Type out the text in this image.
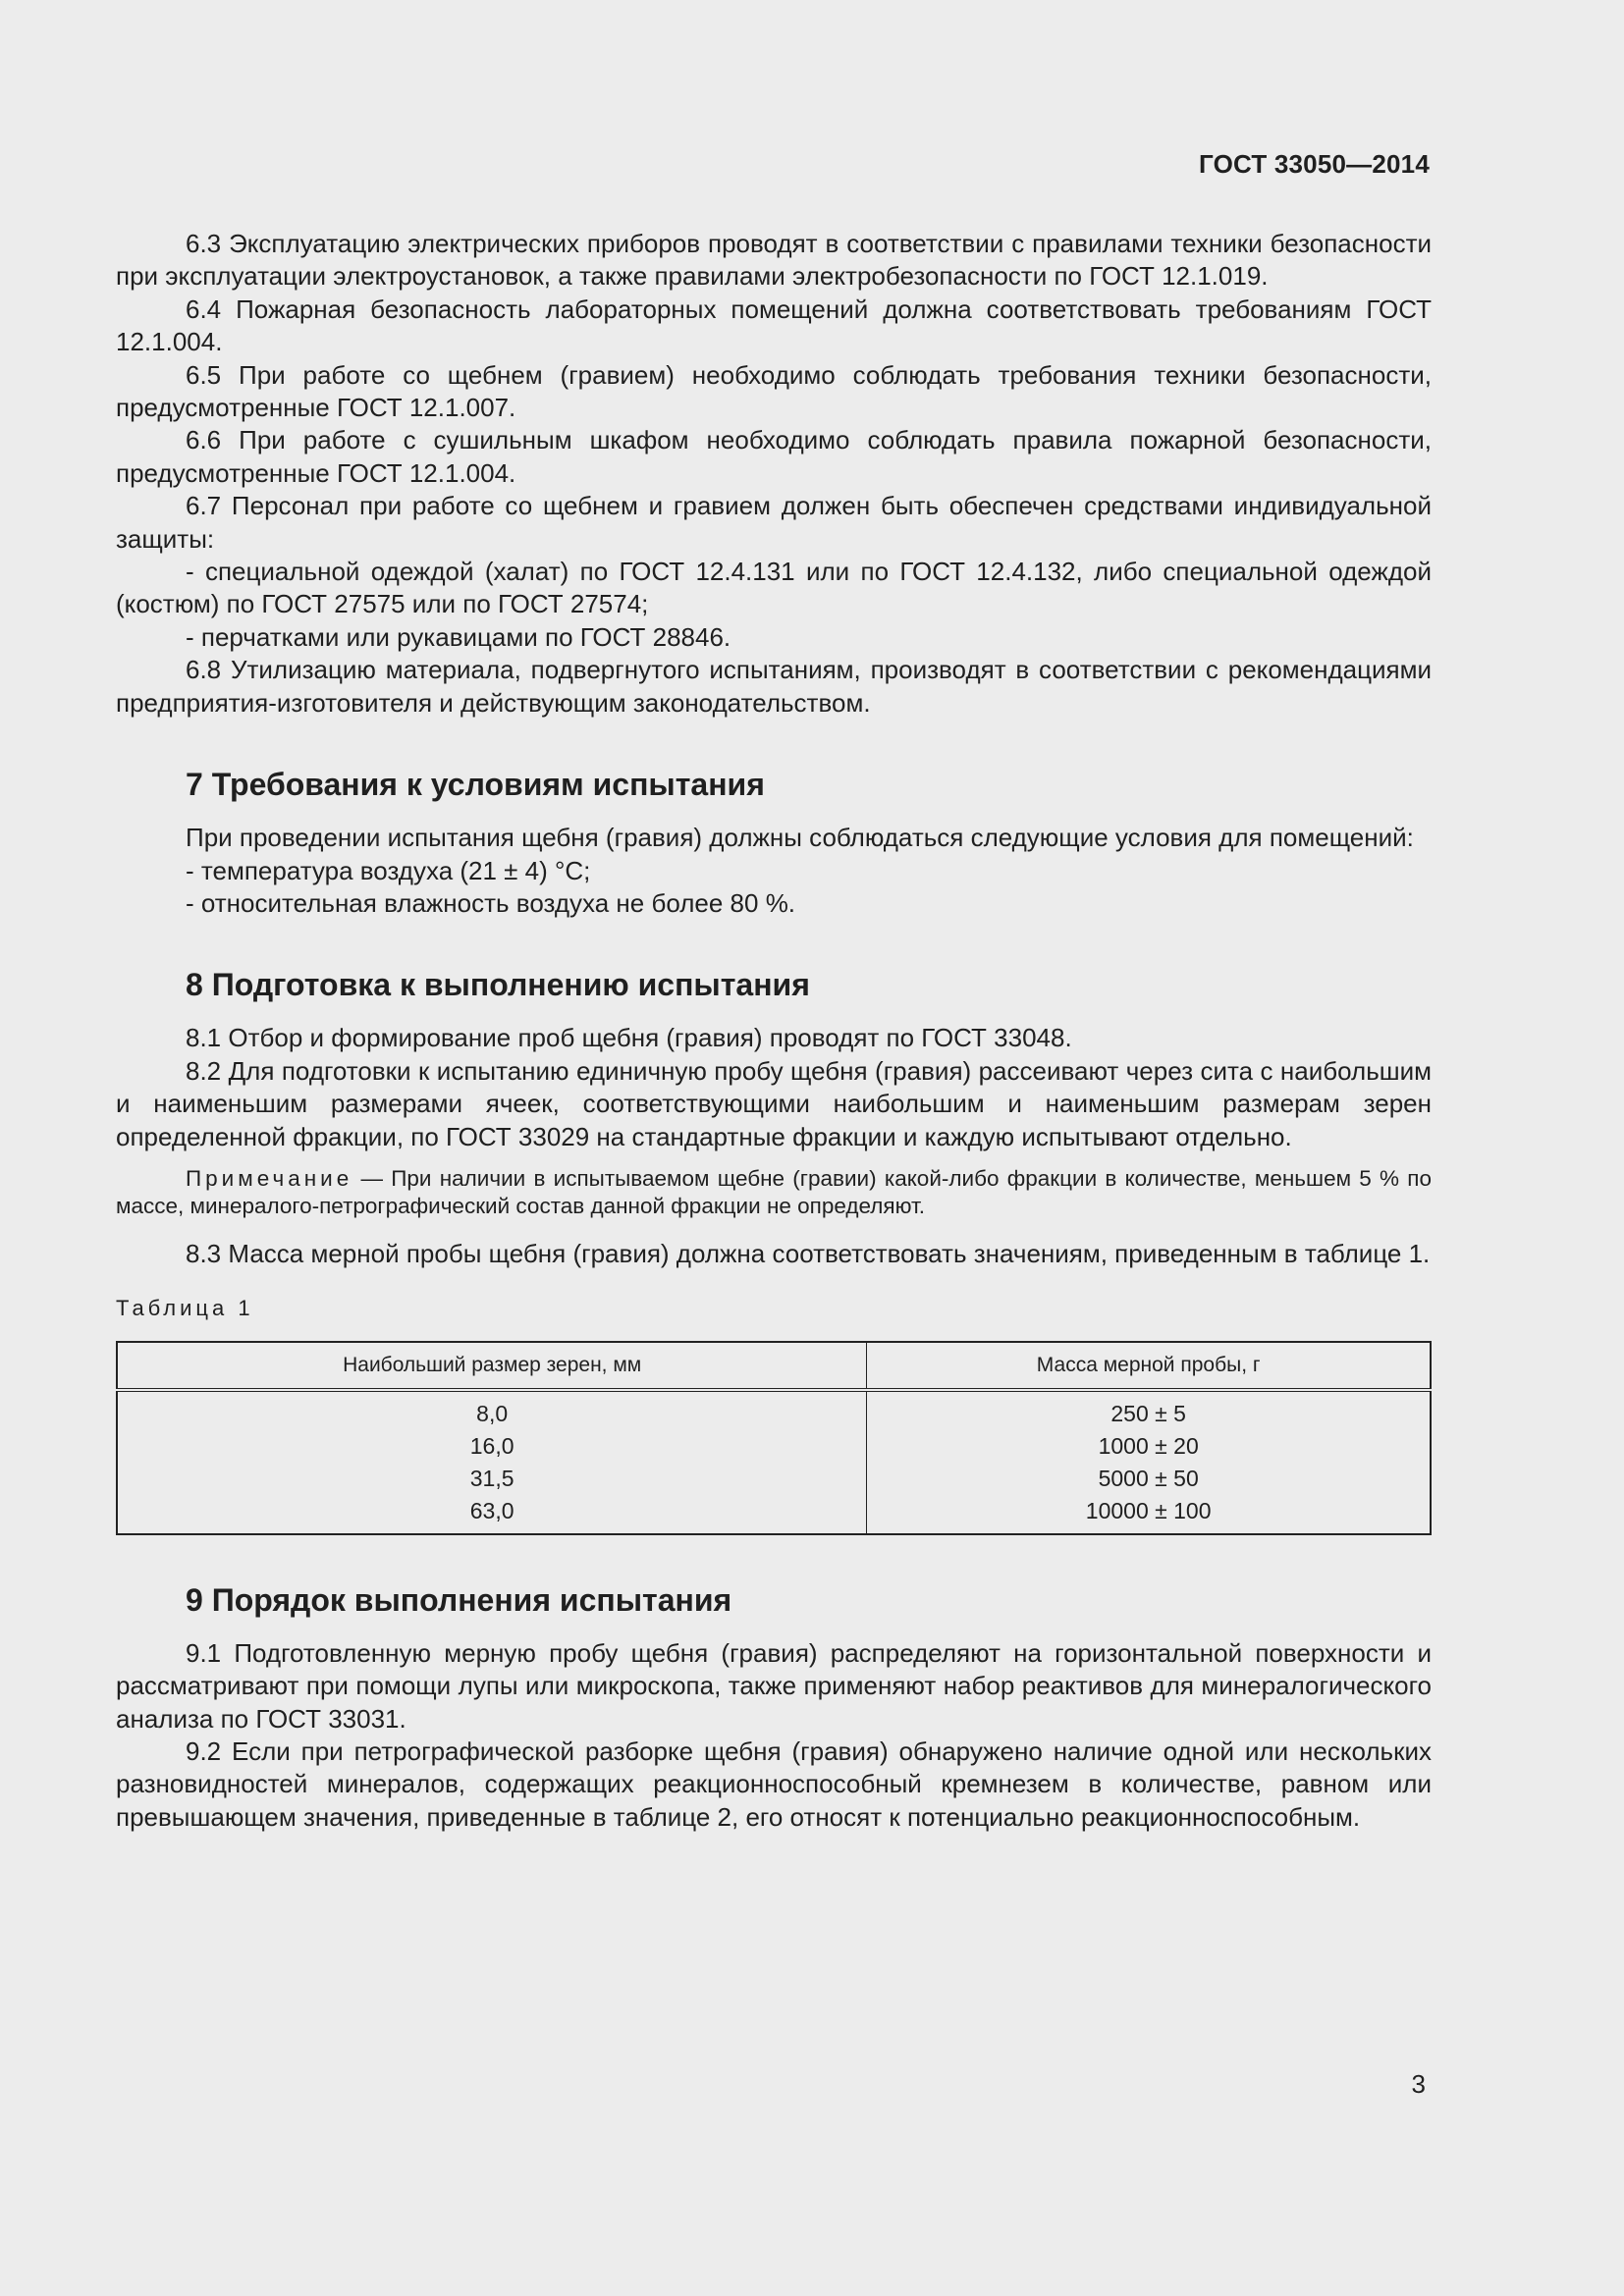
ГОСТ 33050—2014

6.3 Эксплуатацию электрических приборов проводят в соответствии с правилами техники безопасности при эксплуатации электроустановок, а также правилами электробезопасности по ГОСТ 12.1.019.

6.4 Пожарная безопасность лабораторных помещений должна соответствовать требованиям ГОСТ 12.1.004.

6.5 При работе со щебнем (гравием) необходимо соблюдать требования техники безопасности, предусмотренные ГОСТ 12.1.007.

6.6 При работе с сушильным шкафом необходимо соблюдать правила пожарной безопасности, предусмотренные ГОСТ 12.1.004.

6.7 Персонал при работе со щебнем и гравием должен быть обеспечен средствами индивидуальной защиты:

- специальной одеждой (халат) по ГОСТ 12.4.131 или по ГОСТ 12.4.132, либо специальной одеждой (костюм) по ГОСТ 27575 или по ГОСТ 27574;

- перчатками или рукавицами по ГОСТ 28846.

6.8 Утилизацию материала, подвергнутого испытаниям, производят в соответствии с рекомендациями предприятия-изготовителя и действующим законодательством.

7 Требования к условиям испытания

При проведении испытания щебня (гравия) должны соблюдаться следующие условия для помещений:

- температура воздуха (21 ± 4) °С;

- относительная влажность воздуха не более 80 %.

8 Подготовка к выполнению испытания

8.1 Отбор и формирование проб щебня (гравия) проводят по ГОСТ 33048.

8.2 Для подготовки к испытанию единичную пробу щебня (гравия) рассеивают через сита с наибольшим и наименьшим размерами ячеек, соответствующими наибольшим и наименьшим размерам зерен определенной фракции, по ГОСТ 33029 на стандартные фракции и каждую испытывают отдельно.

Примечание — При наличии в испытываемом щебне (гравии) какой-либо фракции в количестве, меньшем 5 % по массе, минералого-петрографический состав данной фракции не определяют.

8.3 Масса мерной пробы щебня (гравия) должна соответствовать значениям, приведенным в таблице 1.

Таблица 1

Наибольший размер зерен, мм	Масса мерной пробы, г
8,0	250 ± 5
16,0	1000 ± 20
31,5	5000 ± 50
63,0	10000 ± 100
9 Порядок выполнения испытания

9.1 Подготовленную мерную пробу щебня (гравия) распределяют на горизонтальной поверхности и рассматривают при помощи лупы или микроскопа, также применяют набор реактивов для минералогического анализа по ГОСТ 33031.

9.2 Если при петрографической разборке щебня (гравия) обнаружено наличие одной или нескольких разновидностей минералов, содержащих реакционноспособный кремнезем в количестве, равном или превышающем значения, приведенные в таблице 2, его относят к потенциально реакционноспособным.

3
